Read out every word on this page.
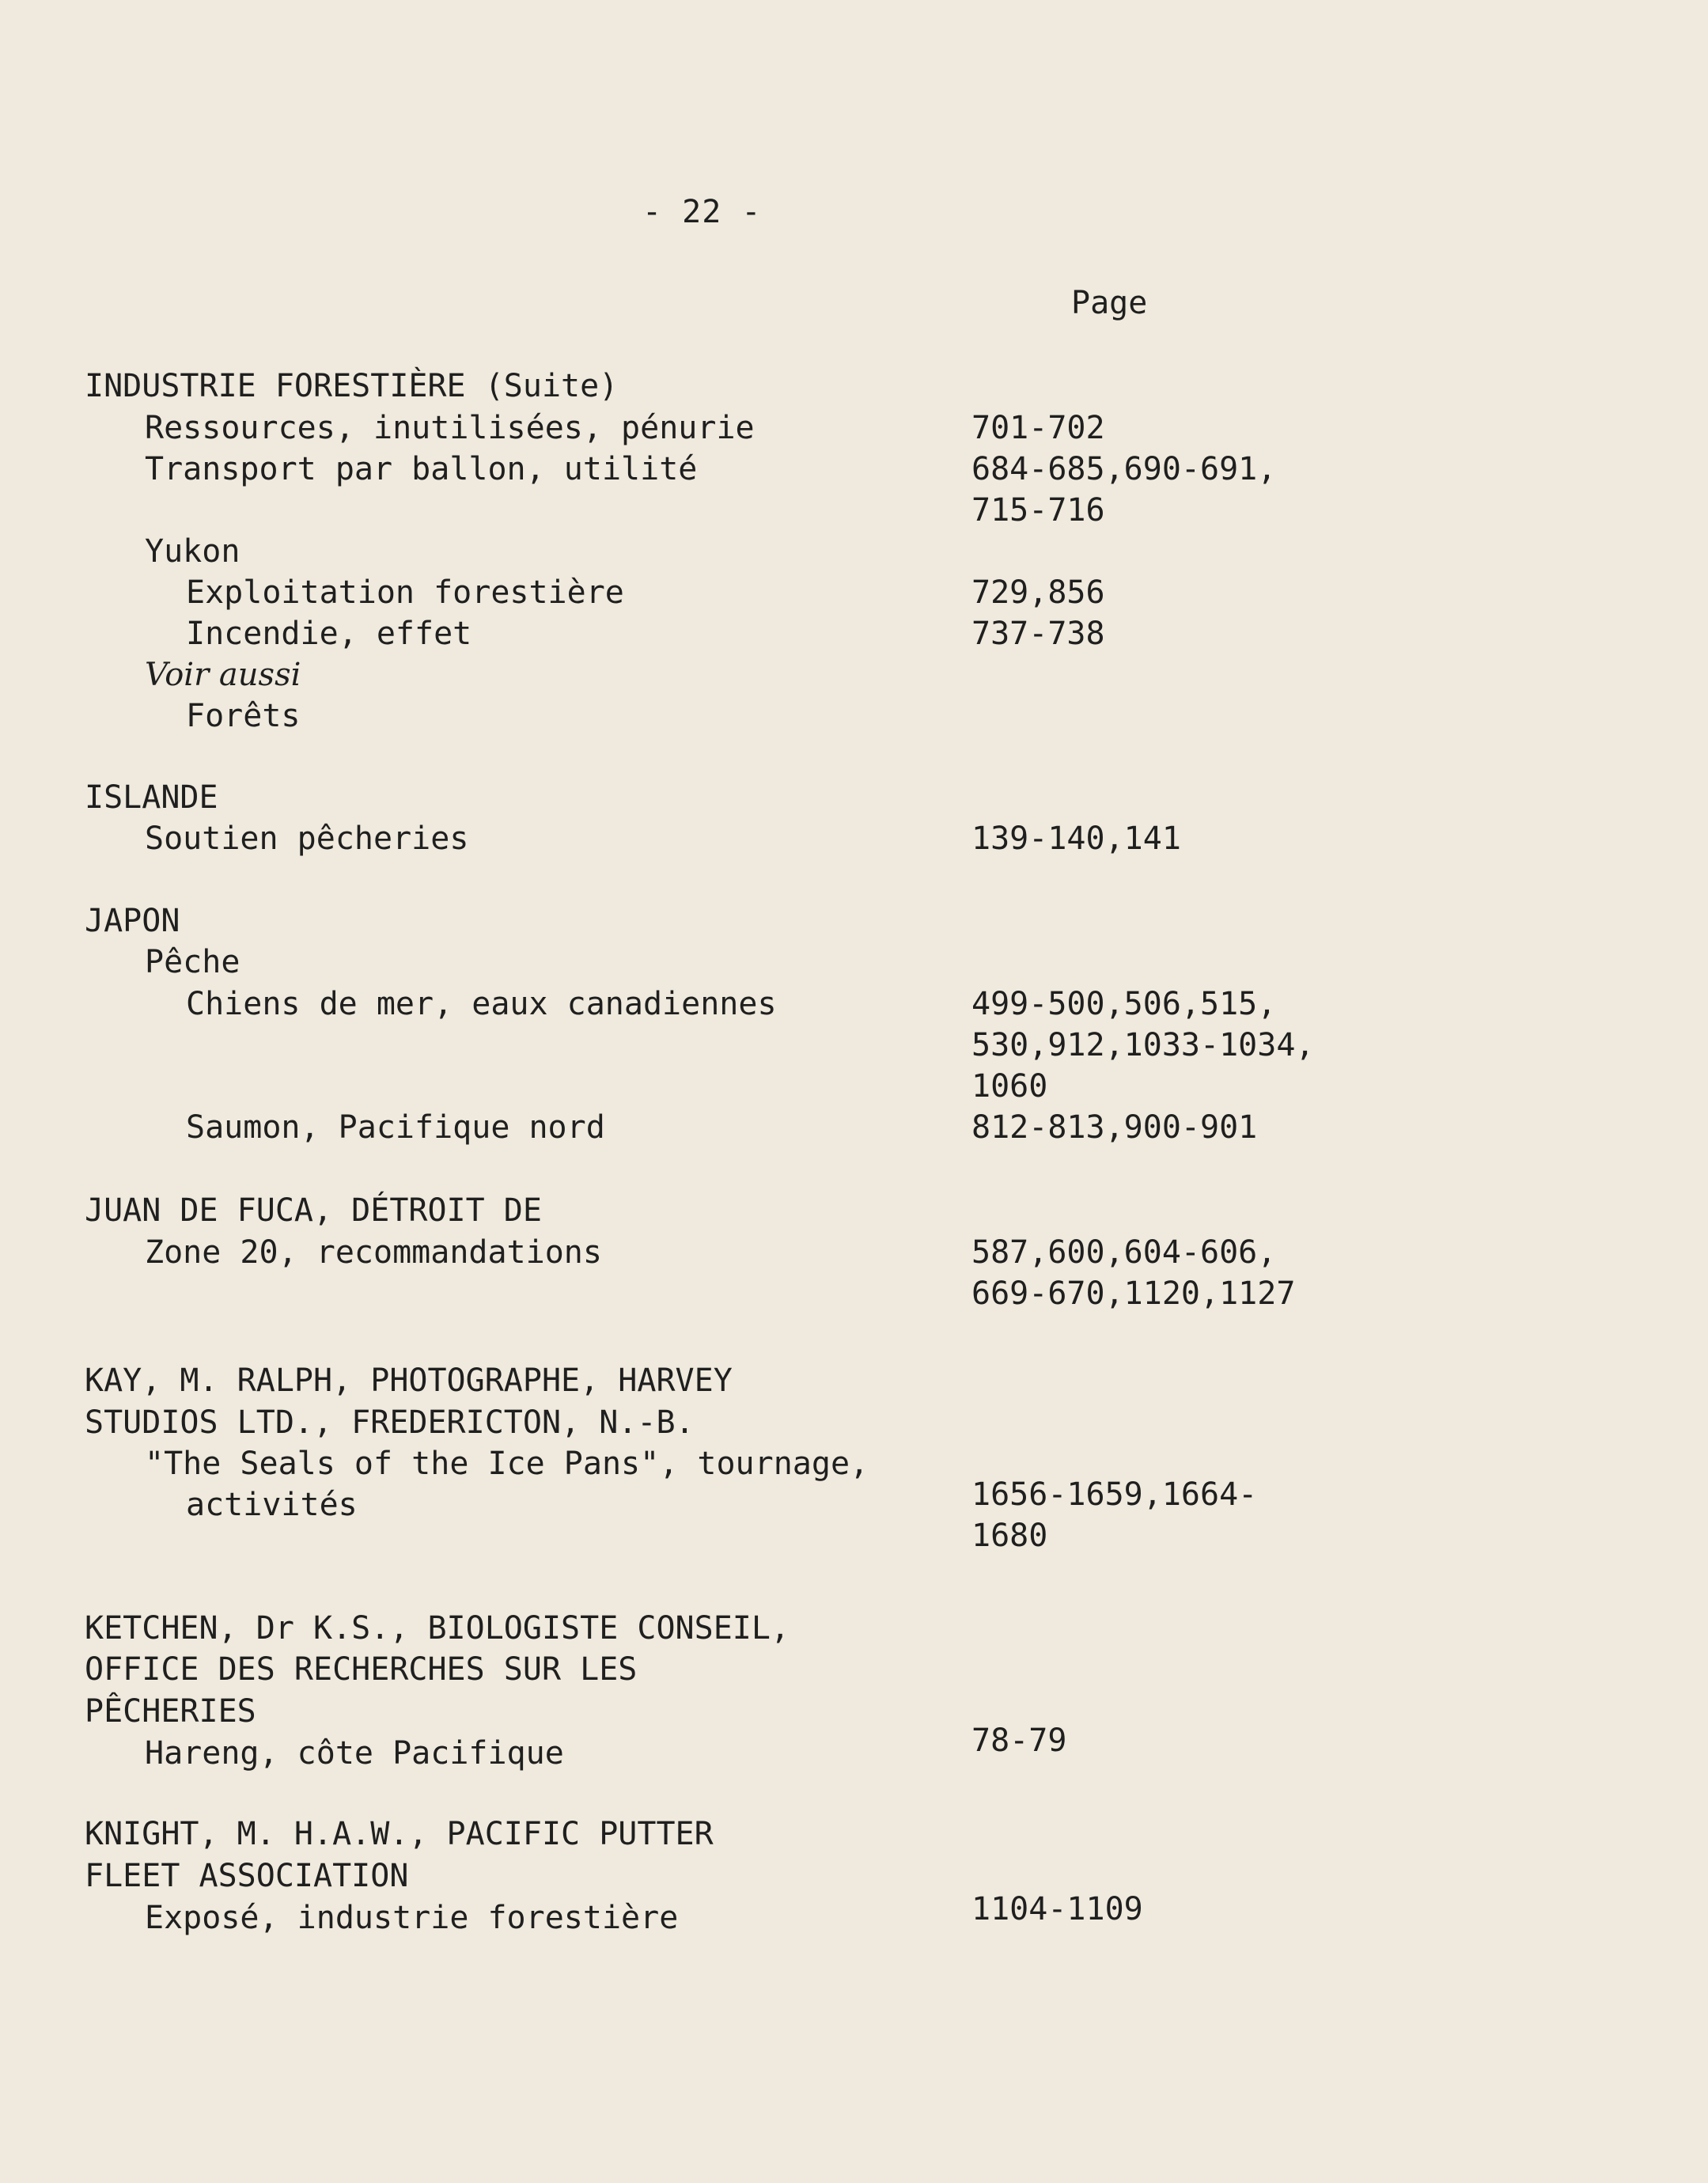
- 22 -
Page
INDUSTRIE FORESTIÈRE (Suite)
Ressources, inutilisées, pénurie	701-702
Transport par ballon, utilité	684-685,690-691,
715-716
Yukon
Exploitation forestière	729,856
Incendie, effet	737-738
Voir aussi
Forêts
ISLANDE
Soutien pêcheries	139-140,141
JAPON
Pêche
Chiens de mer, eaux canadiennes	499-500,506,515,
530,912,1033-1034,
1060
Saumon, Pacifique nord	812-813,900-901
JUAN DE FUCA, DÉTROIT DE
Zone 20, recommandations	587,600,604-606,
669-670,1120,1127
KAY, M. RALPH, PHOTOGRAPHE, HARVEY
STUDIOS LTD., FREDERICTON, N.-B.
"The Seals of the Ice Pans", tournage,
activités	1656-1659,1664-
1680
KETCHEN, Dr K.S., BIOLOGISTE CONSEIL,
OFFICE DES RECHERCHES SUR LES
PÊCHERIES
Hareng, côte Pacifique	78-79
KNIGHT, M. H.A.W., PACIFIC PUTTER
FLEET ASSOCIATION
Exposé, industrie forestière	1104-1109
